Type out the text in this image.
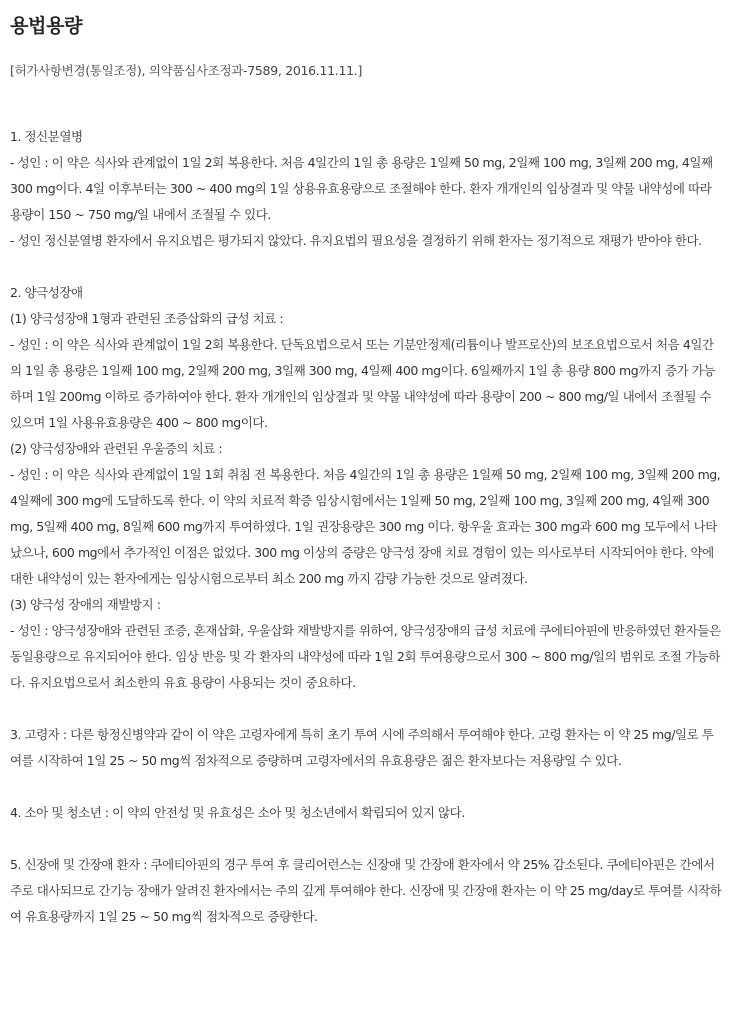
용법용량
[허가사항변경(통일조정), 의약품심사조정과-7589, 2016.11.11.]

1. 정신분열병

- 성인 : 이 약은 식사와 관계없이 1일 2회 복용한다. 처음 4일간의 1일 총 용량은 1일째 50 mg, 2일째 100 mg, 3일째 200 mg, 4일째 300 mg이다. 4일 이후부터는 300 ~ 400 mg의 1일 상용유효용량으로 조절해야 한다. 환자 개개인의 임상결과 및 약물 내약성에 따라 용량이 150 ~ 750 mg/일 내에서 조절될 수 있다.

- 성인 정신분열병 환자에서 유지요법은 평가되지 않았다. 유지요법의 필요성을 결정하기 위해 환자는 정기적으로 재평가 받아야 한다.

2. 양극성장애

(1) 양극성장애 1형과 관련된 조증삽화의 급성 치료 :

- 성인 : 이 약은 식사와 관계없이 1일 2회 복용한다. 단독요법으로서 또는 기분안정제(리튬이나 발프로산)의 보조요법으로서 처음 4일간의 1일 총 용량은 1일째 100 mg, 2일째 200 mg, 3일째 300 mg, 4일째 400 mg이다. 6일째까지 1일 총 용량 800 mg까지 증가 가능하며 1일 200mg 이하로 증가하여야 한다. 환자 개개인의 임상결과 및 약물 내약성에 따라 용량이 200 ~ 800 mg/일 내에서 조절될 수 있으며 1일 사용유효용량은 400 ~ 800 mg이다.

(2) 양극성장애와 관련된 우울증의 치료 :

- 성인 : 이 약은 식사와 관계없이 1일 1회 취침 전 복용한다. 처음 4일간의 1일 총 용량은 1일째 50 mg, 2일째 100 mg, 3일째 200 mg, 4일째에 300 mg에 도달하도록 한다. 이 약의 치료적 확증 임상시험에서는 1일째 50 mg, 2일째 100 mg, 3일째 200 mg, 4일째 300 mg, 5일째 400 mg, 8일째 600 mg까지 투여하였다. 1일 권장용량은 300 mg 이다. 항우울 효과는 300 mg과 600 mg 모두에서 나타났으나, 600 mg에서 추가적인 이점은 없었다. 300 mg 이상의 증량은 양극성 장애 치료 경험이 있는 의사로부터 시작되어야 한다. 약에 대한 내약성이 있는 환자에게는 임상시험으로부터 최소 200 mg 까지 감량 가능한 것으로 알려졌다.

(3) 양극성 장애의 재발방지 :

- 성인 : 양극성장애와 관련된 조증, 혼재삽화, 우울삽화 재발방지를 위하여, 양극성장애의 급성 치료에 쿠에티아핀에 반응하였던 환자들은 동일용량으로 유지되어야 한다. 임상 반응 및 각 환자의 내약성에 따라 1일 2회 투여용량으로서 300 ~ 800 mg/일의 범위로 조절 가능하다. 유지요법으로서 최소한의 유효 용량이 사용되는 것이 중요하다.

3. 고령자 : 다른 항정신병약과 같이 이 약은 고령자에게 특히 초기 투여 시에 주의해서 투여해야 한다. 고령 환자는 이 약 25 mg/일로 투여를 시작하여 1일 25 ~ 50 mg씩 점차적으로 증량하며 고령자에서의 유효용량은 젊은 환자보다는 저용량일 수 있다.

4. 소아 및 청소년 : 이 약의 안전성 및 유효성은 소아 및 청소년에서 확립되어 있지 않다.

5. 신장애 및 간장애 환자 : 쿠에티아핀의 경구 투여 후 클리어런스는 신장애 및 간장애 환자에서 약 25% 감소된다. 쿠에티아핀은 간에서 주로 대사되므로 간기능 장애가 알려진 환자에서는 주의 깊게 투여해야 한다. 신장애 및 간장애 환자는 이 약 25 mg/day로 투여를 시작하여 유효용량까지 1일 25 ~ 50 mg씩 점차적으로 증량한다.
